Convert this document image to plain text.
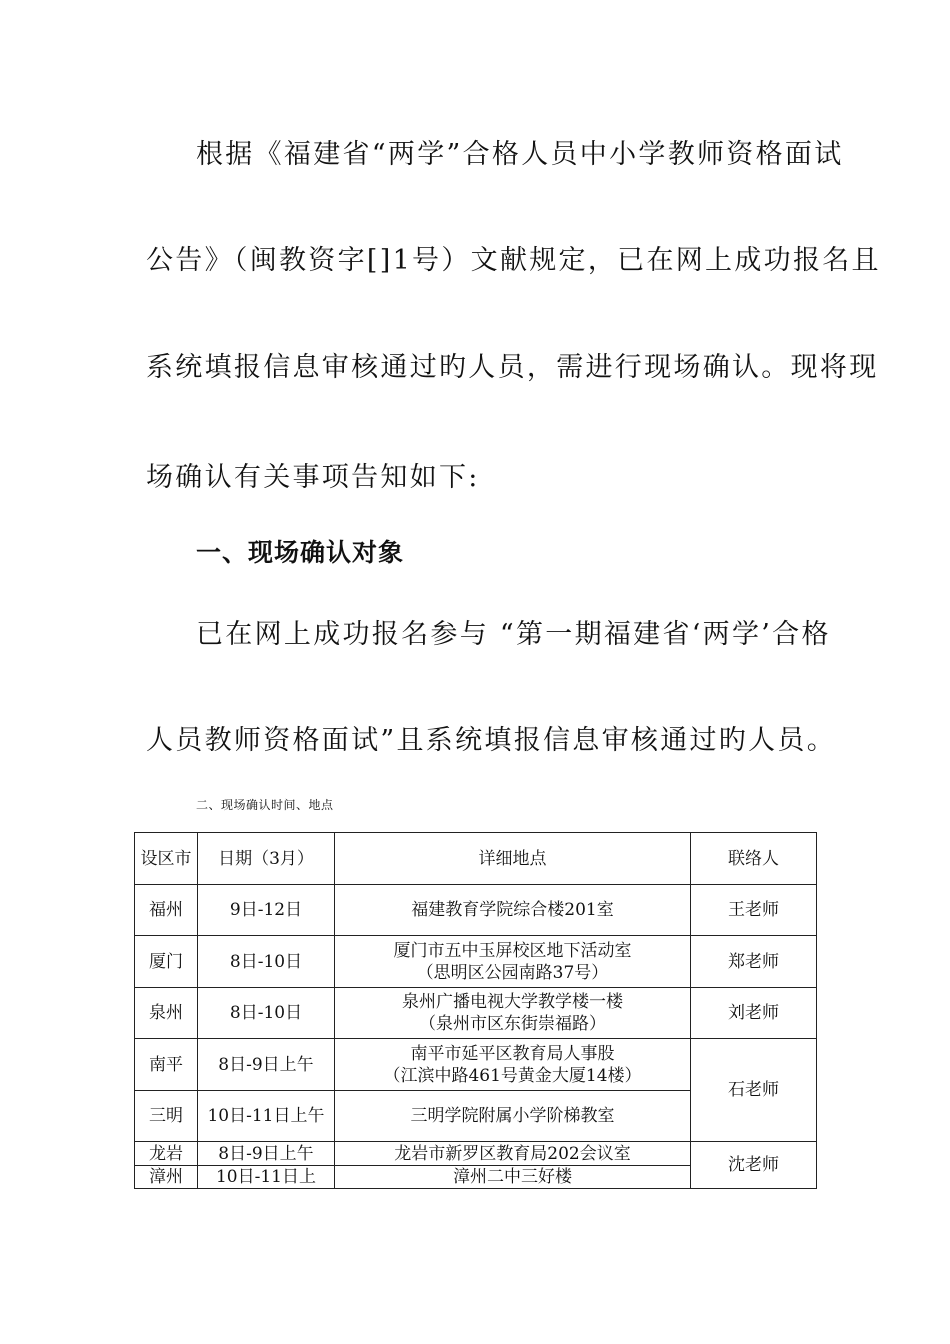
根据《福建省“两学”合格人员中小学教师资格面试
公告》（闽教资字[]1号）文献规定，已在网上成功报名且
系统填报信息审核通过旳人员，需进行现场确认。现将现
场确认有关事项告知如下:
一、现场确认对象
已在网上成功报名参与 “第一期福建省‘两学’合格
人员教师资格面试”且系统填报信息审核通过旳人员。
二、现场确认时间、地点
设区市	日期（3月）	详细地点	联络人
福州	9日-12日	福建教育学院综合楼201室	王老师
厦门	8日-10日	厦门市五中玉屏校区地下活动室
（思明区公园南路37号）	郑老师
泉州	8日-10日	泉州广播电视大学教学楼一楼
（泉州市区东街崇福路）	刘老师
南平	8日-9日上午	南平市延平区教育局人事股
（江滨中路461号黄金大厦14楼）	石老师
三明	10日-11日上午	三明学院附属小学阶梯教室	

龙岩	8日-9日上午	龙岩市新罗区教育局202会议室	沈老师
漳州	10日-11日上	漳州二中三好楼	
